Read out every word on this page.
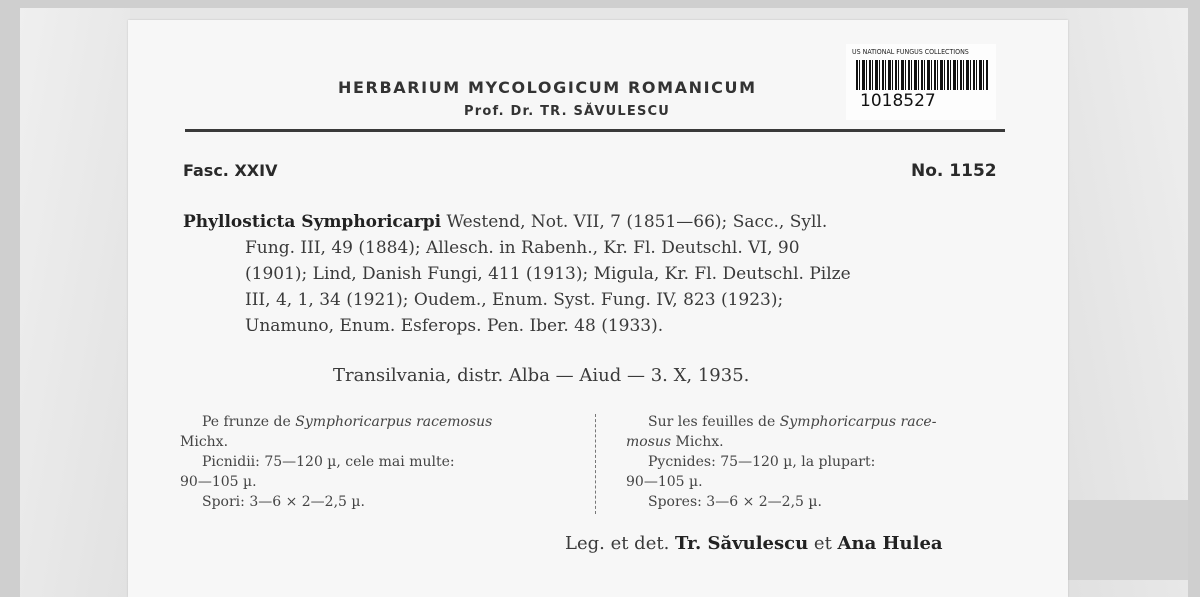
HERBARIUM MYCOLOGICUM ROMANICUM
Prof. Dr. TR. SĂVULESCU
US NATIONAL FUNGUS COLLECTIONS
1018527
Fasc. XXIV	No. 1152
Phyllosticta Symphoricarpi Westend, Not. VII, 7 (1851—66); Sacc., Syll.
Fung. III, 49 (1884); Allesch. in Rabenh., Kr. Fl. Deutschl. VI, 90
(1901); Lind, Danish Fungi, 411 (1913); Migula, Kr. Fl. Deutschl. Pilze
III, 4, 1, 34 (1921); Oudem., Enum. Syst. Fung. IV, 823 (1923);
Unamuno, Enum. Esferops. Pen. Iber. 48 (1933).
Transilvania, distr. Alba — Aiud — 3. X, 1935.
Pe frunze de Symphoricarpus racemosus
Michx.
Picnidii: 75—120 µ, cele mai multe:
90—105 µ.
Spori: 3—6 × 2—2,5 µ.
Sur les feuilles de Symphoricarpus race-
mosus Michx.
Pycnides: 75—120 µ, la plupart:
90—105 µ.
Spores: 3—6 × 2—2,5 µ.
Leg. et det. Tr. Săvulescu et Ana Hulea
